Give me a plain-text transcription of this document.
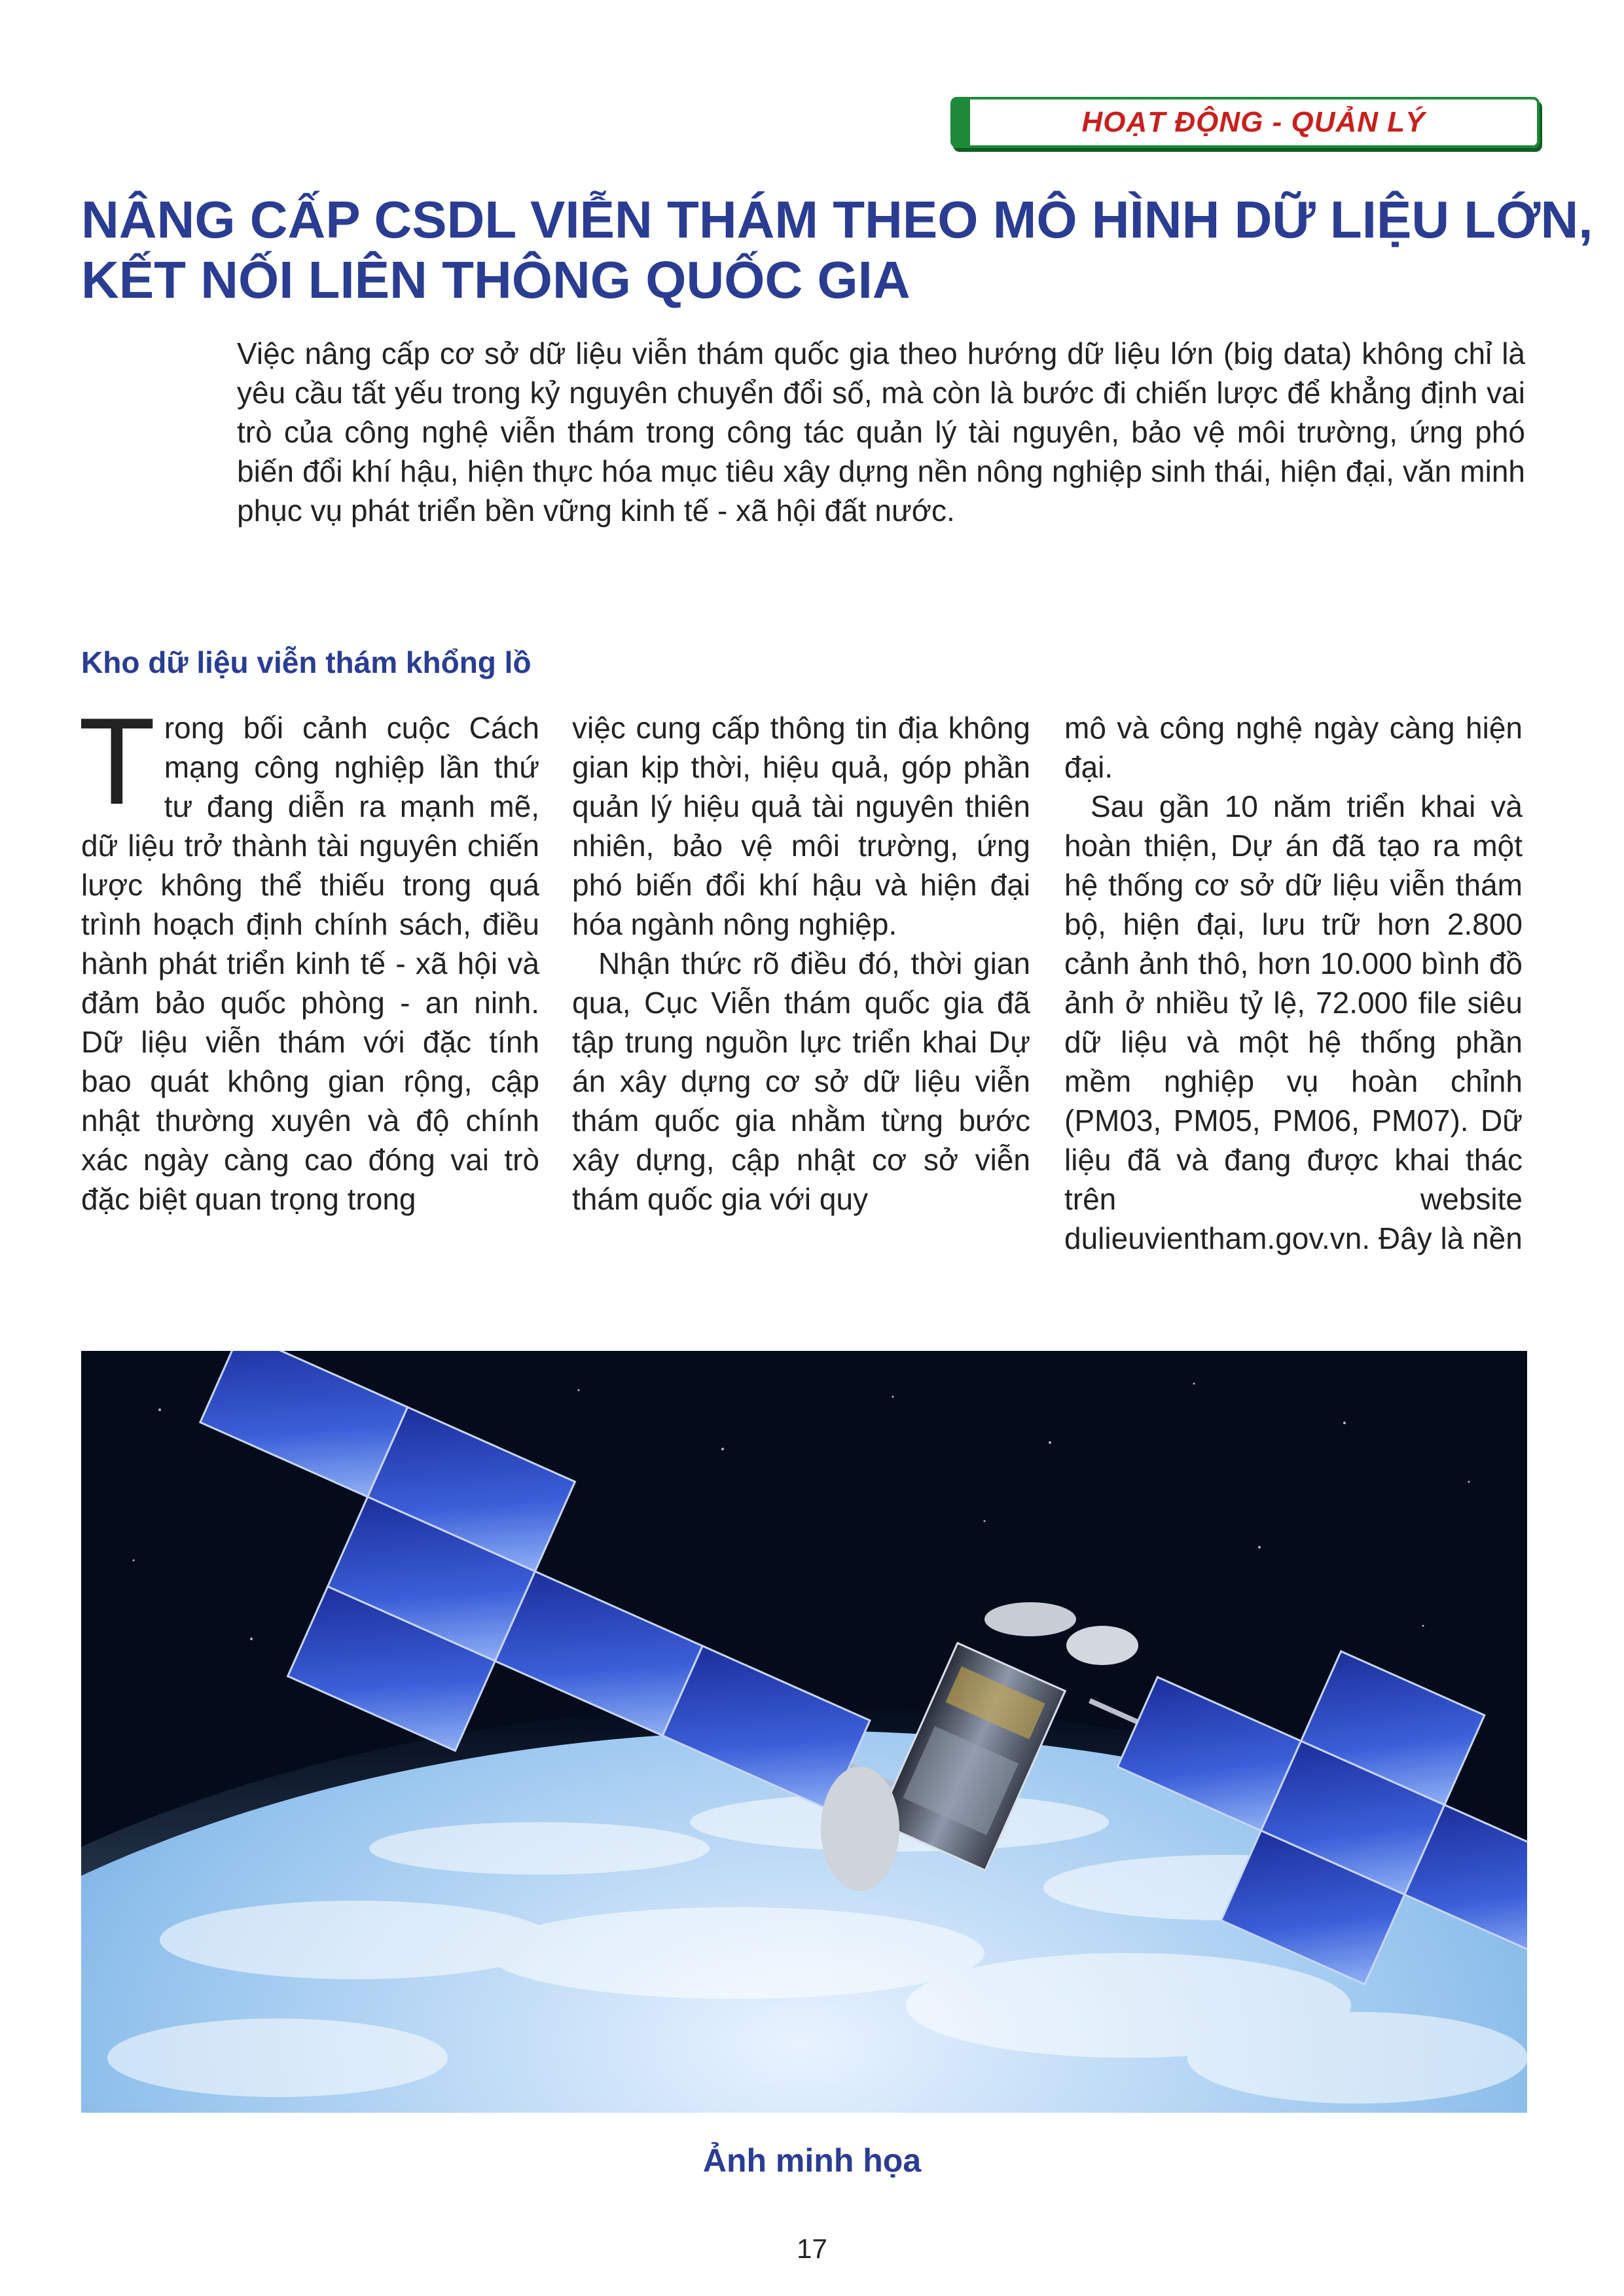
HOẠT ĐỘNG - QUẢN LÝ
NÂNG CẤP CSDL VIỄN THÁM THEO MÔ HÌNH DỮ LIỆU LỚN,
KẾT NỐI LIÊN THÔNG QUỐC GIA

Việc nâng cấp cơ sở dữ liệu viễn thám quốc gia theo hướng dữ liệu lớn (big data) không chỉ là yêu cầu tất yếu trong kỷ nguyên chuyển đổi số, mà còn là bước đi chiến lược để khẳng định vai trò của công nghệ viễn thám trong công tác quản lý tài nguyên, bảo vệ môi trường, ứng phó biến đổi khí hậu, hiện thực hóa mục tiêu xây dựng nền nông nghiệp sinh thái, hiện đại, văn minh phục vụ phát triển bền vững kinh tế - xã hội đất nước.

Kho dữ liệu viễn thám khổng lồ

Trong bối cảnh cuộc Cách mạng công nghiệp lần thứ tư đang diễn ra mạnh mẽ, dữ liệu trở thành tài nguyên chiến lược không thể thiếu trong quá trình hoạch định chính sách, điều hành phát triển kinh tế - xã hội và đảm bảo quốc phòng - an ninh. Dữ liệu viễn thám với đặc tính bao quát không gian rộng, cập nhật thường xuyên và độ chính xác ngày càng cao đóng vai trò đặc biệt quan trọng trong

việc cung cấp thông tin địa không gian kịp thời, hiệu quả, góp phần quản lý hiệu quả tài nguyên thiên nhiên, bảo vệ môi trường, ứng phó biến đổi khí hậu và hiện đại hóa ngành nông nghiệp.

Nhận thức rõ điều đó, thời gian qua, Cục Viễn thám quốc gia đã tập trung nguồn lực triển khai Dự án xây dựng cơ sở dữ liệu viễn thám quốc gia nhằm từng bước xây dựng, cập nhật cơ sở viễn thám quốc gia với quy

mô và công nghệ ngày càng hiện đại.

Sau gần 10 năm triển khai và hoàn thiện, Dự án đã tạo ra một hệ thống cơ sở dữ liệu viễn thám bộ, hiện đại, lưu trữ hơn 2.800 cảnh ảnh thô, hơn 10.000 bình đồ ảnh ở nhiều tỷ lệ, 72.000 file siêu dữ liệu và một hệ thống phần mềm nghiệp vụ hoàn chỉnh (PM03, PM05, PM06, PM07). Dữ liệu đã và đang được khai thác trên website dulieuvientham.gov.vn. Đây là nền

Ảnh minh họa

17
